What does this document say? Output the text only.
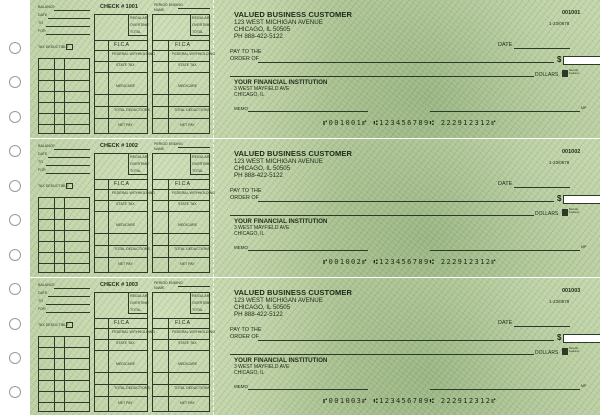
BALANCE
DATE
TO
FOR
TAX DEDUCTIBLE
CHECK # 1001
REGULAR
OVERTIME
TOTAL
F.I.C.A
FEDERAL WITHHOLDING
STATE TAX
MEDICARE
TOTAL DEDUCTIONS
NET PAY
PERIOD ENDING
NAME
REGULAR
OVERTIME
TOTAL
F.I.C.A
FEDERAL WITHHOLDING
STATE TAX
MEDICARE
TOTAL DEDUCTIONS
NET PAY
VALUED BUSINESS CUSTOMER
123 WEST MICHIGAN AVENUE
CHICAGO, IL 50505
PH 888-422-5122
001001
1-23/0678
DATE
PAY TO THE
ORDER OF	$
DOLLARS
Security
Features
YOUR FINANCIAL INSTITUTION
3 WEST MAYFIELD AVE
CHICAGO, IL
MEMO	MP
⑈001001⑈ ⑆123456789⑆ 222912312⑈
BALANCE
DATE
TO
FOR
TAX DEDUCTIBLE
CHECK # 1002
REGULAR
OVERTIME
TOTAL
F.I.C.A
FEDERAL WITHHOLDING
STATE TAX
MEDICARE
TOTAL DEDUCTIONS
NET PAY
PERIOD ENDING
NAME
REGULAR
OVERTIME
TOTAL
F.I.C.A
FEDERAL WITHHOLDING
STATE TAX
MEDICARE
TOTAL DEDUCTIONS
NET PAY
VALUED BUSINESS CUSTOMER
123 WEST MICHIGAN AVENUE
CHICAGO, IL 50505
PH 888-422-5122
001002
1-23/0678
DATE
PAY TO THE
ORDER OF	$
DOLLARS
Security
Features
YOUR FINANCIAL INSTITUTION
3 WEST MAYFIELD AVE
CHICAGO, IL
MEMO	MP
⑈001002⑈ ⑆123456789⑆ 222912312⑈
BALANCE
DATE
TO
FOR
TAX DEDUCTIBLE
CHECK # 1003
REGULAR
OVERTIME
TOTAL
F.I.C.A
FEDERAL WITHHOLDING
STATE TAX
MEDICARE
TOTAL DEDUCTIONS
NET PAY
PERIOD ENDING
NAME
REGULAR
OVERTIME
TOTAL
F.I.C.A
FEDERAL WITHHOLDING
STATE TAX
MEDICARE
TOTAL DEDUCTIONS
NET PAY
VALUED BUSINESS CUSTOMER
123 WEST MICHIGAN AVENUE
CHICAGO, IL 50505
PH 888-422-5122
001003
1-23/0678
DATE
PAY TO THE
ORDER OF	$
DOLLARS
Security
Features
YOUR FINANCIAL INSTITUTION
3 WEST MAYFIELD AVE
CHICAGO, IL
MEMO	MP
⑈001003⑈ ⑆123456789⑆ 222912312⑈
